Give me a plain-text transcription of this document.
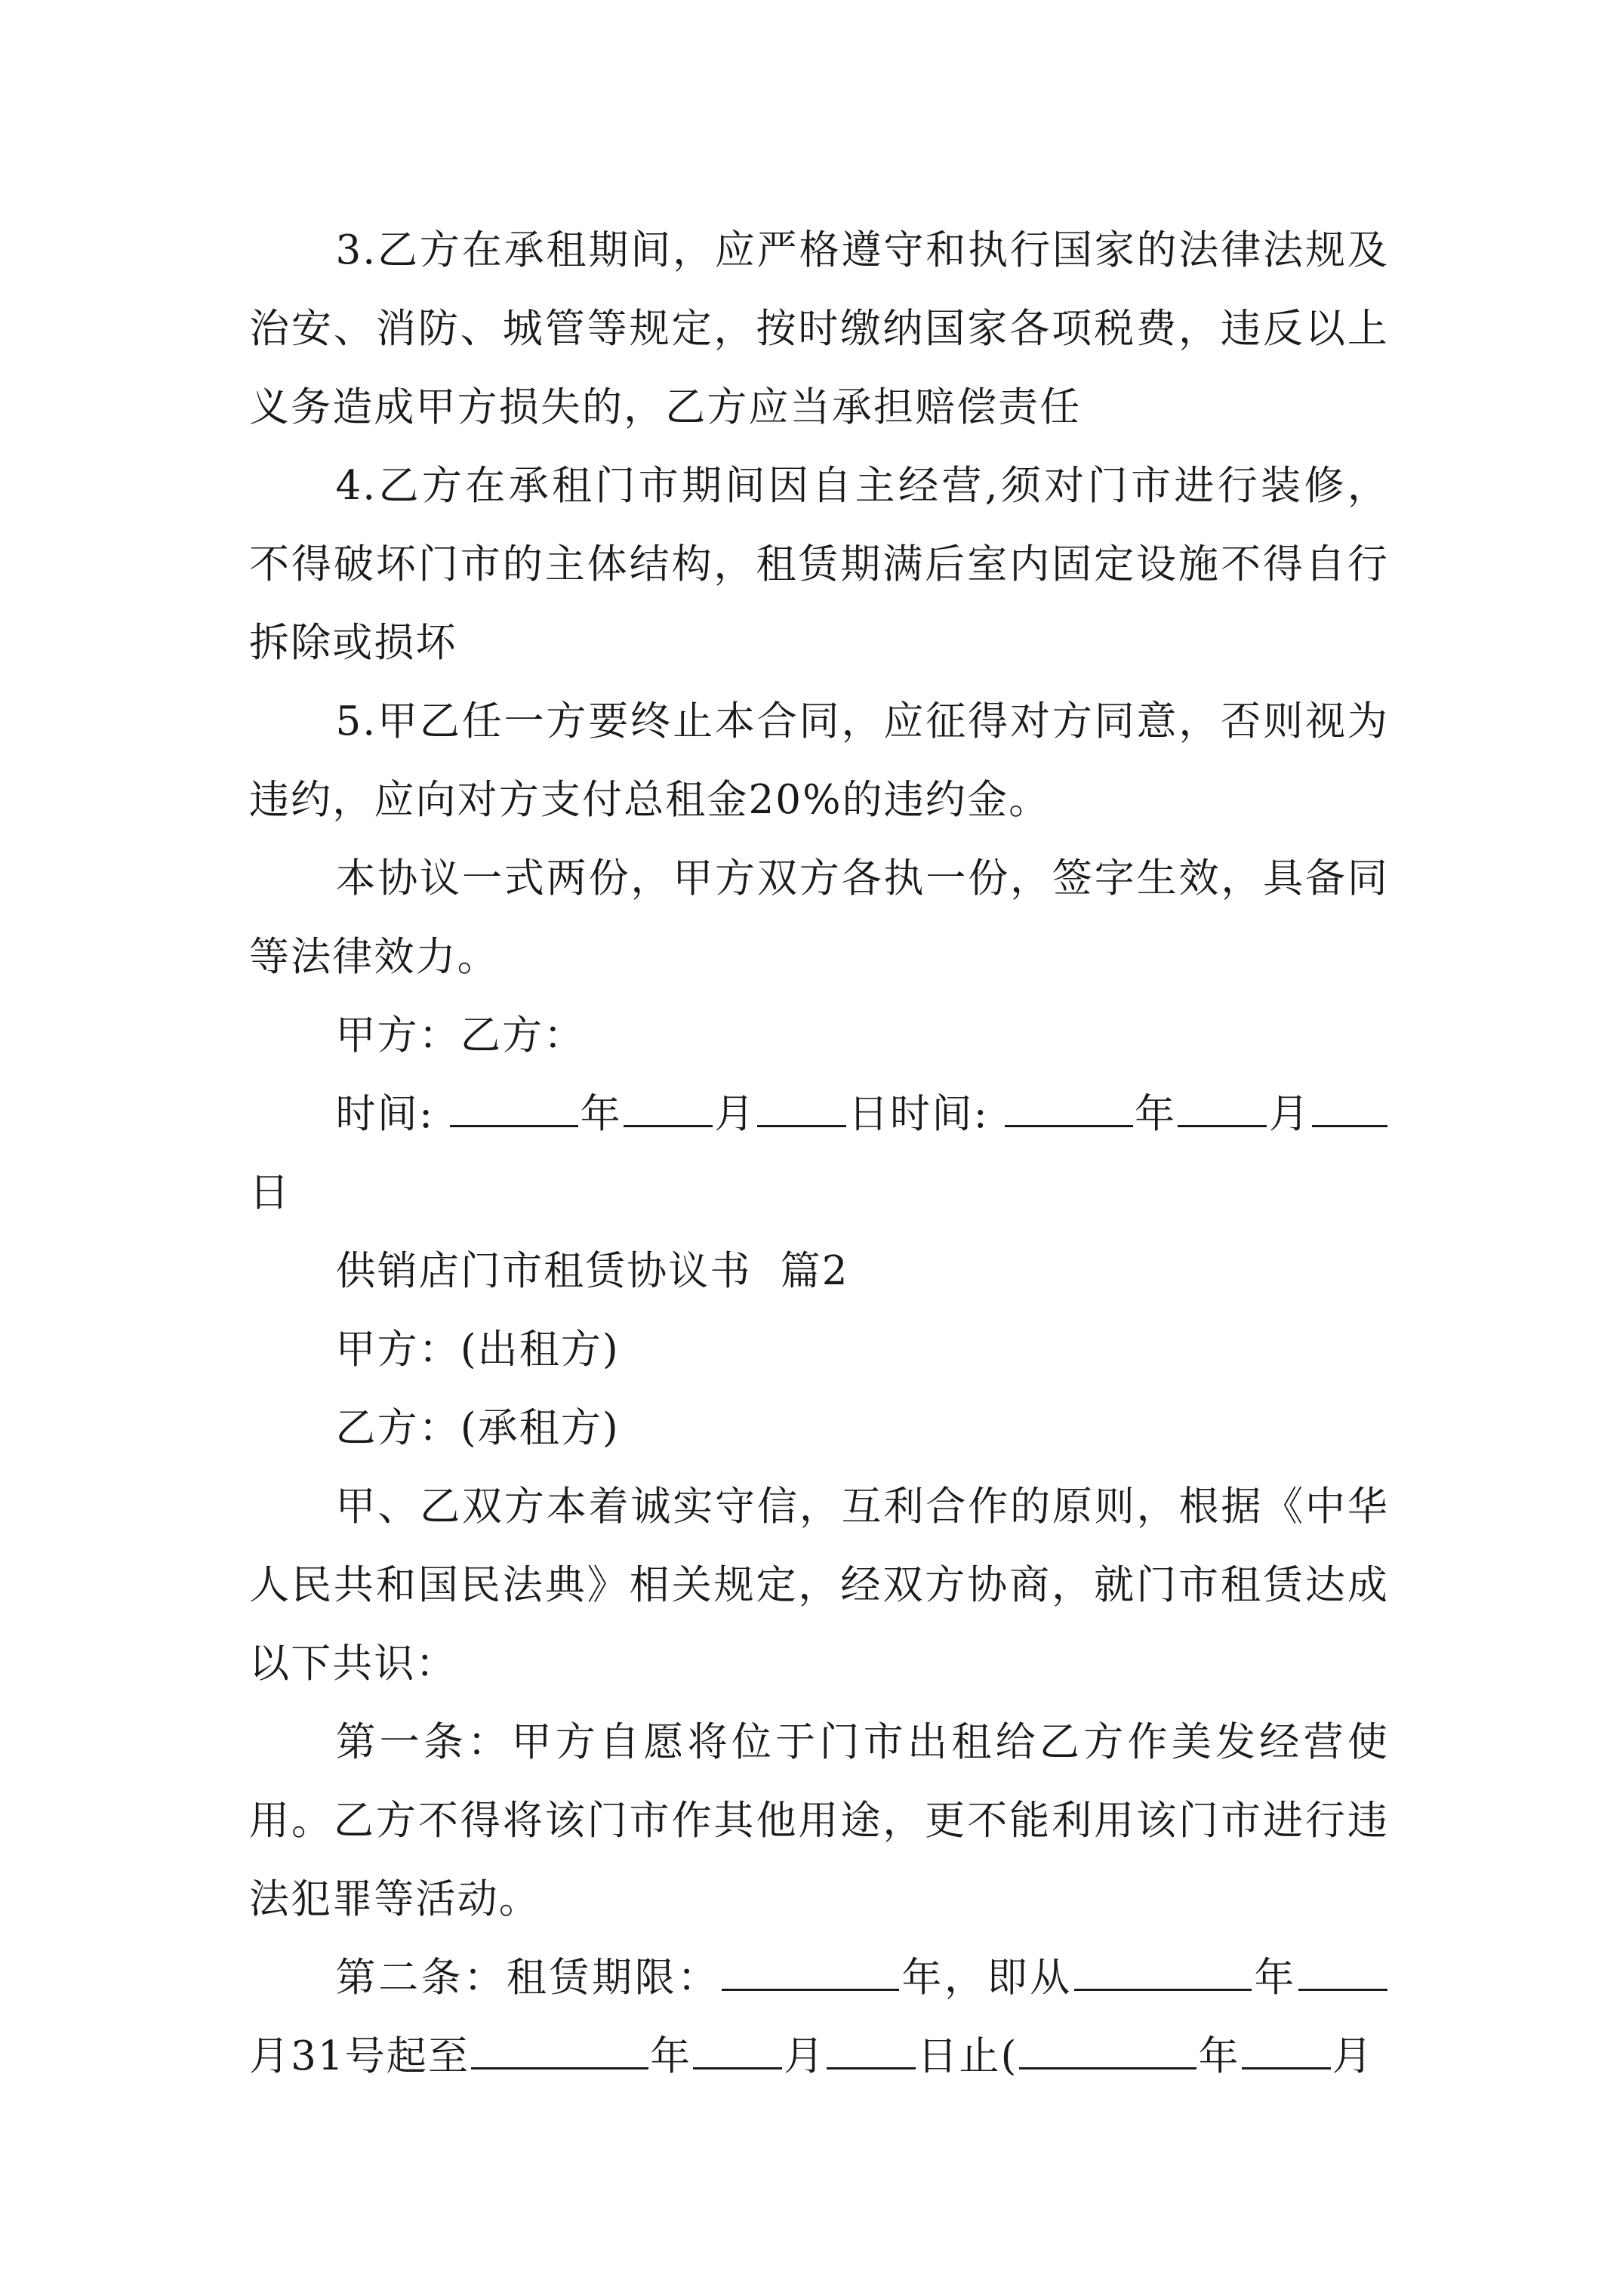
3.乙方在承租期间，应严格遵守和执行国家的法律法规及治安、消防、城管等规定，按时缴纳国家各项税费，违反以上义务造成甲方损失的，乙方应当承担赔偿责任

4.乙方在承租门市期间因自主经营,须对门市进行装修，不得破坏门市的主体结构，租赁期满后室内固定设施不得自行拆除或损坏

5.甲乙任一方要终止本合同，应征得对方同意，否则视为违约，应向对方支付总租金20%的违约金。

本协议一式两份，甲方双方各执一份，签字生效，具备同等法律效力。

甲方：乙方：

时间:	年 月 日时间:	年 月日

供销店门市租赁协议书  篇2

甲方：(出租方)

乙方：(承租方)

甲、乙双方本着诚实守信，互利合作的原则，根据《中华人民共和国民法典》相关规定，经双方协商，就门市租赁达成以下共识：

第一条：甲方自愿将位于门市出租给乙方作美发经营使用。乙方不得将该门市作其他用途，更不能利用该门市进行违法犯罪等活动。

第二条：租赁期限：	年，即从	年月31号起至	年 月 日止(	年 月
